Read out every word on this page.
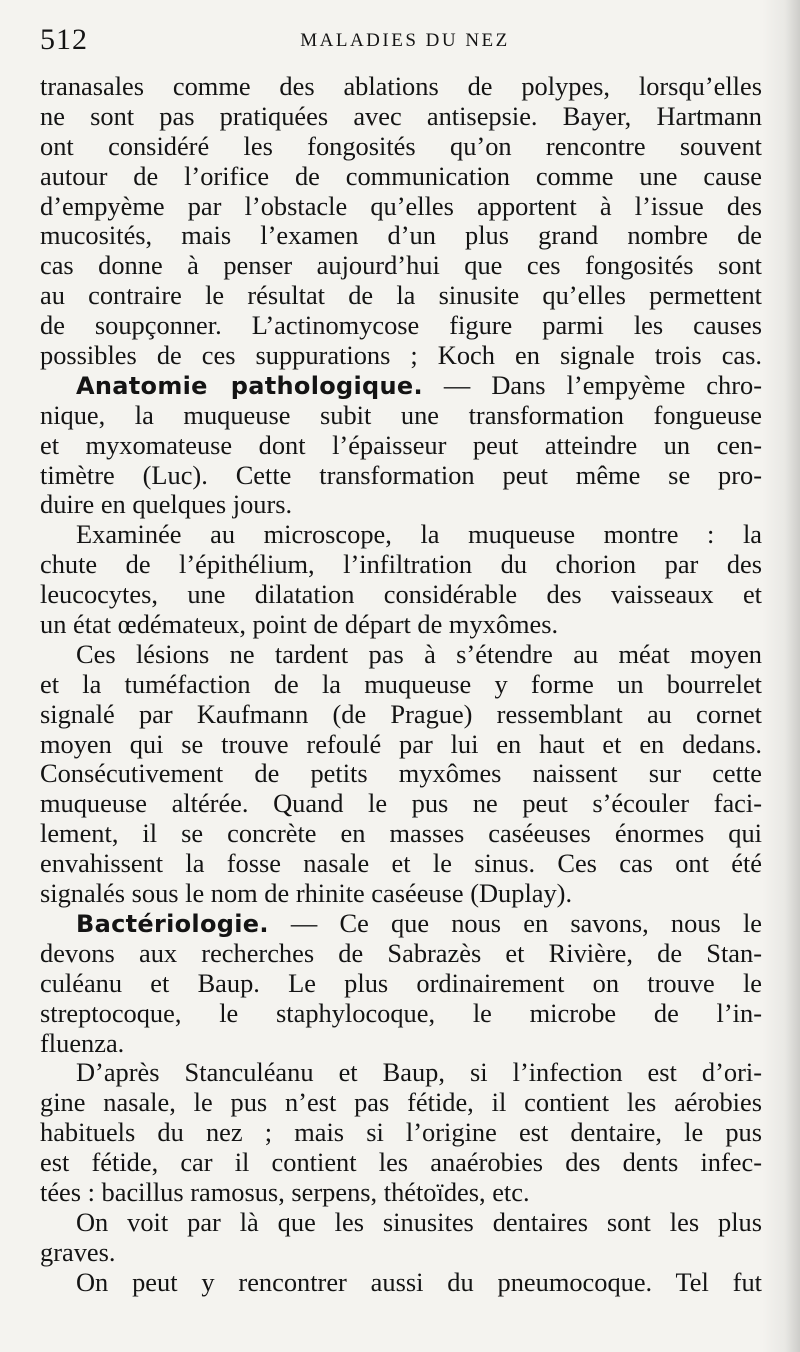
512	MALADIES DU NEZ
tranasales comme des ablations de polypes, lorsqu’elles
ne sont pas pratiquées avec antisepsie. Bayer, Hartmann
ont considéré les fongosités qu’on rencontre souvent
autour de l’orifice de communication comme une cause
d’empyème par l’obstacle qu’elles apportent à l’issue des
mucosités, mais l’examen d’un plus grand nombre de
cas donne à penser aujourd’hui que ces fongosités sont
au contraire le résultat de la sinusite qu’elles permettent
de soupçonner. L’actinomycose figure parmi les causes
possibles de ces suppurations ; Koch en signale trois cas.
Anatomie pathologique. — Dans l’empyème chro-
nique, la muqueuse subit une transformation fongueuse
et myxomateuse dont l’épaisseur peut atteindre un cen-
timètre (Luc). Cette transformation peut même se pro-
duire en quelques jours.
Examinée au microscope, la muqueuse montre : la
chute de l’épithélium, l’infiltration du chorion par des
leucocytes, une dilatation considérable des vaisseaux et
un état œdémateux, point de départ de myxômes.
Ces lésions ne tardent pas à s’étendre au méat moyen
et la tuméfaction de la muqueuse y forme un bourrelet
signalé par Kaufmann (de Prague) ressemblant au cornet
moyen qui se trouve refoulé par lui en haut et en dedans.
Consécutivement de petits myxômes naissent sur cette
muqueuse altérée. Quand le pus ne peut s’écouler faci-
lement, il se concrète en masses caséeuses énormes qui
envahissent la fosse nasale et le sinus. Ces cas ont été
signalés sous le nom de rhinite caséeuse (Duplay).
Bactériologie. — Ce que nous en savons, nous le
devons aux recherches de Sabrazès et Rivière, de Stan-
culéanu et Baup. Le plus ordinairement on trouve le
streptocoque, le staphylocoque, le microbe de l’in-
fluenza.
D’après Stanculéanu et Baup, si l’infection est d’ori-
gine nasale, le pus n’est pas fétide, il contient les aérobies
habituels du nez ; mais si l’origine est dentaire, le pus
est fétide, car il contient les anaérobies des dents infec-
tées : bacillus ramosus, serpens, thétoïdes, etc.
On voit par là que les sinusites dentaires sont les plus
graves.
On peut y rencontrer aussi du pneumocoque. Tel fut
